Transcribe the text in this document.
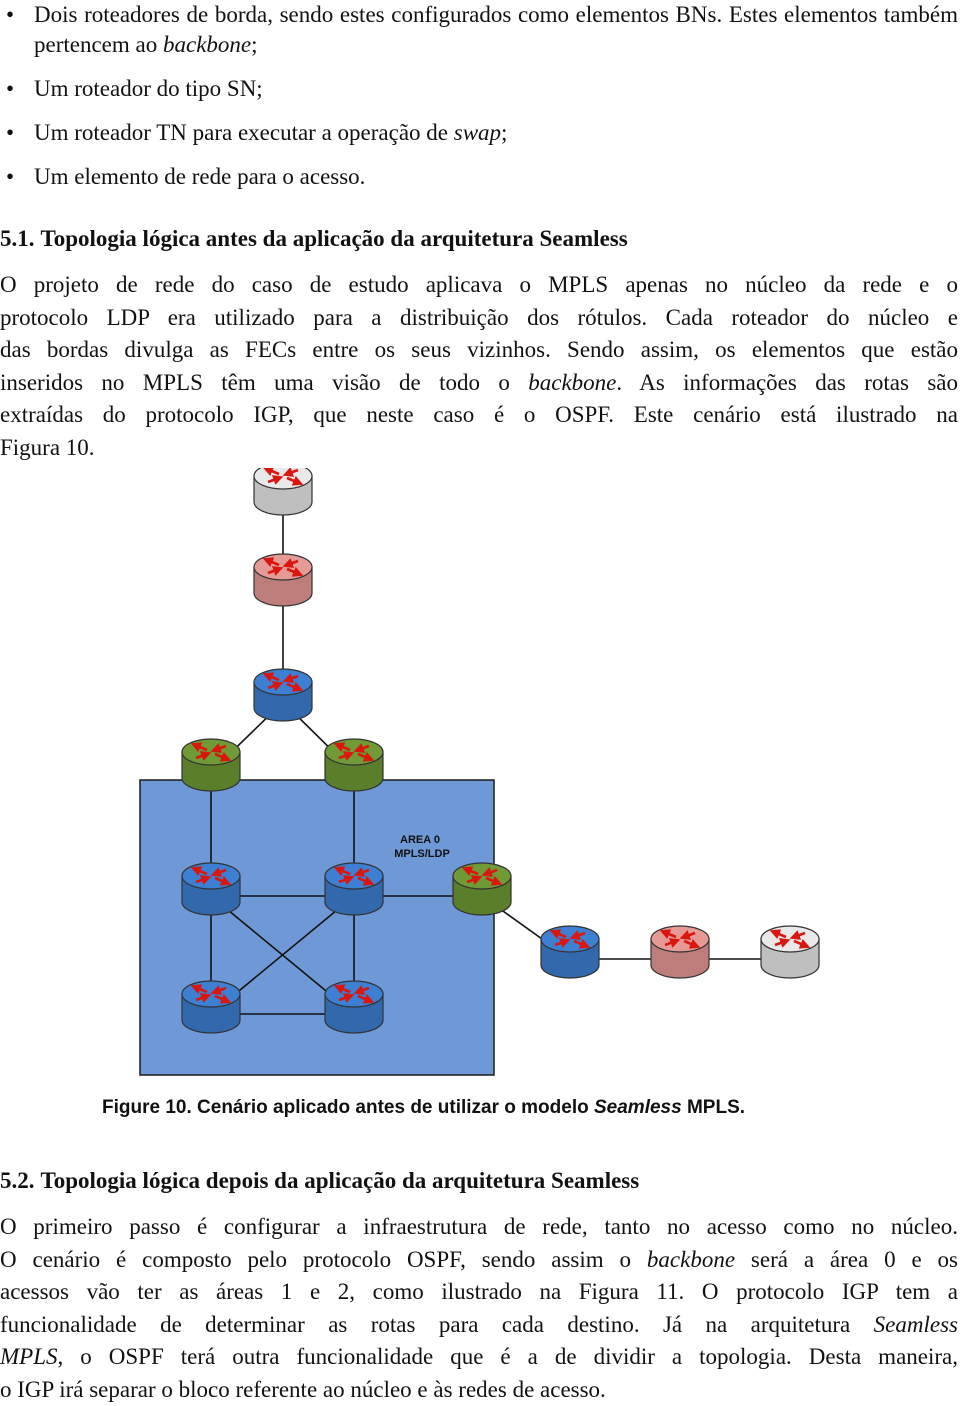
• Dois roteadores de borda, sendo estes configurados como elementos BNs. Estes elementos também pertencem ao backbone;

• Um roteador do tipo SN;

• Um roteador TN para executar a operação de swap;

• Um elemento de rede para o acesso.

5.1. Topologia lógica antes da aplicação da arquitetura Seamless
O projeto de rede do caso de estudo aplicava o MPLS apenas no núcleo da rede e o
protocolo LDP era utilizado para a distribuição dos rótulos. Cada roteador do núcleo e
das bordas divulga as FECs entre os seus vizinhos. Sendo assim, os elementos que estão
inseridos no MPLS têm uma visão de todo o backbone. As informações das rotas são
extraídas do protocolo IGP, que neste caso é o OSPF. Este cenário está ilustrado na
Figura 10.
AREA 0
MPLS/LDP
Figure 10. Cenário aplicado antes de utilizar o modelo Seamless MPLS.
5.2. Topologia lógica depois da aplicação da arquitetura Seamless
O primeiro passo é configurar a infraestrutura de rede, tanto no acesso como no núcleo.
O cenário é composto pelo protocolo OSPF, sendo assim o backbone será a área 0 e os
acessos vão ter as áreas 1 e 2, como ilustrado na Figura 11. O protocolo IGP tem a
funcionalidade de determinar as rotas para cada destino. Já na arquitetura Seamless
MPLS, o OSPF terá outra funcionalidade que é a de dividir a topologia. Desta maneira,
o IGP irá separar o bloco referente ao núcleo e às redes de acesso.
